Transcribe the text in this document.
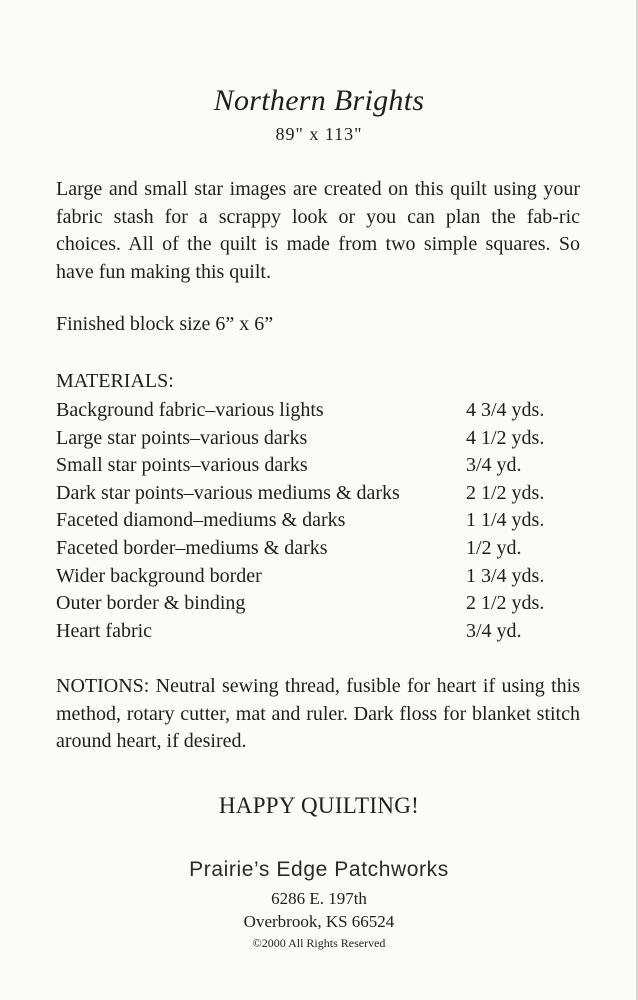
Northern Brights
89" x 113"
Large and small star images are created on this quilt using your fabric stash for a scrappy look or you can plan the fab-ric choices. All of the quilt is made from two simple squares. So have fun making this quilt.
Finished block size 6” x 6”
MATERIALS:
Background fabric–various lights	4 3/4 yds.
Large star points–various darks	4 1/2 yds.
Small star points–various darks	3/4 yd.
Dark star points–various mediums & darks	2 1/2 yds.
Faceted diamond–mediums & darks	1 1/4 yds.
Faceted border–mediums & darks	1/2 yd.
Wider background border	1 3/4 yds.
Outer border & binding	2 1/2 yds.
Heart fabric	3/4 yd.
NOTIONS: Neutral sewing thread, fusible for heart if using this method, rotary cutter, mat and ruler. Dark floss for blanket stitch around heart, if desired.
HAPPY QUILTING!
Prairie’s Edge Patchworks
6286 E. 197th
Overbrook, KS 66524
©2000 All Rights Reserved
